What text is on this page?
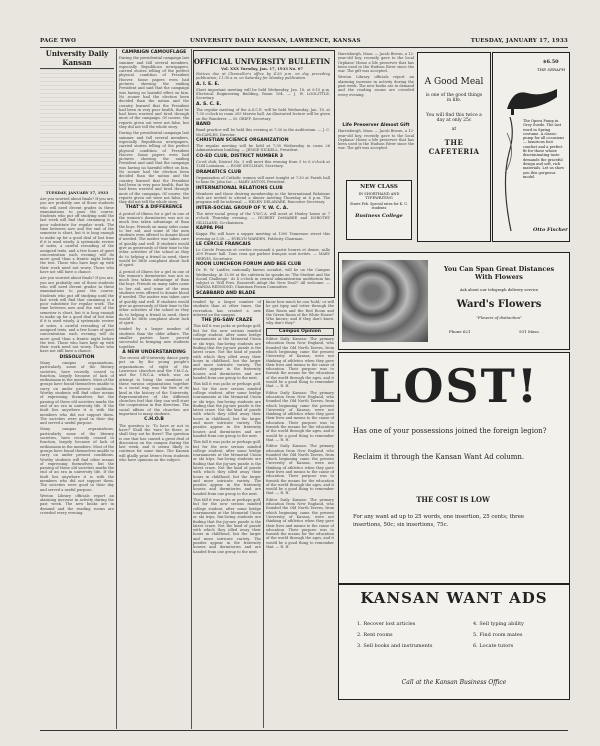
PAGE TWO	UNIVERSITY DAILY KANSAN, LAWRENCE, KANSAS	TUESDAY, JANUARY 17, 1933
University Daily Kansan
TUESDAY, JANUARY 17, 1933

Are you worried about finals? If you are, you are probably one of those students who will need decent grades in these examinations to pass the course. Students who put off studying until the last week will find that cramming is a poor substitute for regular work. The time between now and the end of the semester is short, but it is long enough to make up for a good deal of lost time if it is used wisely. A systematic review of notes, a careful rereading of the assigned texts, and a few hours of quiet concentration each evening will do more good than a frantic night before the test. Those who have kept up with their work need not worry. Those who have not still have a chance.

Are you worried about finals? If you are, you are probably one of those students who will need decent grades in these examinations to pass the course. Students who put off studying until the last week will find that cramming is a poor substitute for regular work. The time between now and the end of the semester is short, but it is long enough to make up for a good deal of lost time if it is used wisely. A systematic review of notes, a careful rereading of the assigned texts, and a few hours of quiet concentration each evening will do more good than a frantic night before the test. Those who have kept up with their work need not worry. Those who have not still have a chance.

DISSOLUTION

Many campus organizations, particularly some of the literary societies, have recently ceased to function, largely because of lack of enthusiasm in the members. Most of the groups have found themselves unable to carry on under present conditions. Worthy students will find other means of expressing themselves; but the passing of these old societies marks the end of an era in university life. If the fault lies anywhere it is with the members who did not support them. The societies were good in their day and served a useful purpose.

Many campus organizations, particularly some of the literary societies, have recently ceased to function, largely because of lack of enthusiasm in the members. Most of the groups have found themselves unable to carry on under present conditions. Worthy students will find other means of expressing themselves; but the passing of these old societies marks the end of an era in university life. If the fault lies anywhere it is with the members who did not support them. The societies were good in their day and served a useful purpose.

Weston Library officials report an alarming increase in activity during the past week. The new books are in demand and the reading rooms are crowded every evening.

CAMPAIGN CAMOUFLAGE

During the presidential campaign last summer and fall several members, especially Republican newspapers, carried stories telling of the perfect physical condition of President Hoover. Some papers even had pictures showing the smiling President and said that the campaign was having no harmful effect on him. No sooner had the election been decided than the nation and the country learned that the President had been in very poor health, that he had been worried and tired through most of the campaign. Of course, the reports given out were not false, but they did not tell the whole story.

During the presidential campaign last summer and fall several members, especially Republican newspapers, carried stories telling of the perfect physical condition of President Hoover. Some papers even had pictures showing the smiling President and said that the campaign was having no harmful effect on him. No sooner had the election been decided than the nation and the country learned that the President had been in very poor health, that he had been worried and tired through most of the campaign. Of course, the reports given out were not false, but they did not tell the whole story.

THAT'S A DIFFERENCE

A period of illness for a girl in one of the women's dormitories was not so much less taken advantage of than the boys. Friends on many sides came to her aid, and some of the men students even offered to donate blood if needed. The matter was taken care of quickly and well. If students would give as generously of their time to the other activities of the school as they do to helping a friend in need, there would be little complaint about lack of spirit.

A period of illness for a girl in one of the women's dormitories was not so much less taken advantage of than the boys. Friends on many sides came to her aid, and some of the men students even offered to donate blood if needed. The matter was taken care of quickly and well. If students would give as generously of their time to the other activities of the school as they do to helping a friend in need, there would be little complaint about lack of spirit.

tended by a larger number of students than the older affairs. The smaller parties have proved successful in bringing new students together.

A NEW UNDERSTANDING

The recent all-University dance party put on by the young people's organizations of eight of the Lawrence churches and the Y.M.C.A. and the Y.W.C.A. which was an attempt to bring the members of these various organizations together in a social way, was the first of its kind in the history of the University. Representatives of the different churches feel that they can well start the cooperation in this direction. The social affairs of the churches are important to many students.

C.H.O.B

The question is: 'To have or not to have?' Shall the 'ears' be there, or shall they not be there? The question is one that has caused a great deal of discussion on the campus during the last week, and it seems likely to continue for some time. The Kansan will gladly print letters from students who have opinions on the subject.

OFFICIAL UNIVERSITY BULLETIN
Vol. XXX Tuesday, Jan. 17, 1933 No. 67

Notices due at Chancellor's office by 4:30 p.m. on day preceding publication; 11:30 a.m. on Saturday for Monday publication.

A. I. E. E.

Short important meeting will be held Wednesday, Jan. 18, at 8:15 p.m. Electrical Engineering Building, Room 104. — J. W. LOOLITTLE, Secretary.

A. S. C. E.

The regular meeting of the A.S.C.E. will be held Wednesday, Jan. 18, at 7:30 o'clock in room 205 Marvin hall. An illustrated lecture will be given on the Wanderer. — M. GRIFF, Secretary.

BAND

Band practice will be held this evening at 7:30 in the auditorium. — J. C. McCANLES, Director.

CHRISTIAN SCIENCE ORGANIZATION

The regular meeting will be held at 7:30 Wednesday in room 26 Administration building. — JESSIE NICKELL, President.

CO-ED CLUB, DISTRICT NUMBER 3

Co-ed club, District No. 3 will meet this evening from 5 to 6 o'clock at 1244 Louisiana. — ROSE SHULMAN, Secretary.

DRAMATICS CLUB

Organization of Catholic women will meet tonight at 7:30 at Parish hall to hear Dr. John Ise. — MARY ANTON, President.

INTERNATIONAL RELATIONS CLUB

Members and those desiring membership in the International Relations club are invited to attend a dinner meeting Thursday at 6 p.m. The program will be informal. — HELEN DELAWARE, Executive Secretary.

INTER-SOCIAL GROUP OF Y. W. C. A.

The inter-social group of the Y.W.C.A. will meet at Henley house at 7 o'clock Thursday evening. — HUBERT DeMAREE and DOROTHY GILLILAND, Co-chairmen.

KAPPA PHI

Kappa Phi will have a supper meeting at 1300 Tennessee street this evening at 5:30. — EVELYN WARDEN, Publicity Chairman.

LE CERCLE FRANCAIS

Le Cercle Francais et cercles reconnaît à partir heures et demie, salle 309 Fraser hall. Tous ceux qui parlent français sont invités. — MARY HERVIS, Secretaire.

NOON LUNCHEON FORUM AND BEE CLUB

Dr. H. W. Laidler, nationally known socialist, will be on the Campus Wednesday. At 12:00 at the cafeteria he speaks on 'The Student and the Social Challenge.' At 4 o'clock in central administration auditorium his subject is 'Will Pres. Roosevelt Adopt the New Deal?' All welcome. — WANDA REDMOND, Chairman Forum Committee.

SCABBARD AND BLADE

tended by a larger number of students than at other times, the recreation has created a new interest on the campus.

THE JIG-SAW CRAZE

This fall it was jacks or perhaps golf, but for the new serious minded college student, after some bridge tournaments at the Memorial Union or ski trips, fun-loving students are finding that the jig-saw puzzle is the latest craze. Not the kind of puzzle with which they idled away their hours in childhood, but the larger and more intricate variety. The puzzles appear in the fraternity houses and dormitories and are handed from one group to the next.

This fall it was jacks or perhaps golf, but for the new serious minded college student, after some bridge tournaments at the Memorial Union or ski trips, fun-loving students are finding that the jig-saw puzzle is the latest craze. Not the kind of puzzle with which they idled away their hours in childhood, but the larger and more intricate variety. The puzzles appear in the fraternity houses and dormitories and are handed from one group to the next.

This fall it was jacks or perhaps golf, but for the new serious minded college student, after some bridge tournaments at the Memorial Union or ski trips, fun-loving students are finding that the jig-saw puzzle is the latest craze. Not the kind of puzzle with which they idled away their hours in childhood, but the larger and more intricate variety. The puzzles appear in the fraternity houses and dormitories and are handed from one group to the next.

This fall it was jacks or perhaps golf, but for the new serious minded college student, after some bridge tournaments at the Memorial Union or ski trips, fun-loving students are finding that the jig-saw puzzle is the latest craze. Not the kind of puzzle with which they idled away their hours in childhood, but the larger and more intricate variety. The puzzles appear in the fraternity houses and dormitories and are handed from one group to the next.

know how much he can 'hold,' or will he get tipsy and totter through the Blue Room and the Red Room and the Green Room of the White House? Who knows; and if they don't know, why don't they?

Campus Opinion

Editor Daily Kansan: The primary education from New England, who founded the Old North Tavern, from which beginning came the present University of Kansas, were not thinking of athletics when they gave their lives and means to the cause of education. Their purpose was to furnish the means for the education of the world through the ages, and it would be a good thing to remember that. — R. H.

Editor Daily Kansan: The primary education from New England, who founded the Old North Tavern, from which beginning came the present University of Kansas, were not thinking of athletics when they gave their lives and means to the cause of education. Their purpose was to furnish the means for the education of the world through the ages, and it would be a good thing to remember that. — R. H.

Editor Daily Kansan: The primary education from New England, who founded the Old North Tavern, from which beginning came the present University of Kansas, were not thinking of athletics when they gave their lives and means to the cause of education. Their purpose was to furnish the means for the education of the world through the ages, and it would be a good thing to remember that. — R. H.

Editor Daily Kansan: The primary education from New England, who founded the Old North Tavern, from which beginning came the present University of Kansas, were not thinking of athletics when they gave their lives and means to the cause of education. Their purpose was to furnish the means for the education of the world through the ages, and it would be a good thing to remember that. — R. H.

A Good Meal
is one of the good things in life.
You will find this twice a day at only 25c
at
THE CAFETERIA
Life Preserver Almost Gift

Harrisburgh, Mass. — Jacob Brown, a 12-year-old boy, recently gave to the local Orphans' Home a life preserver that has been used in the Hudson River since the war. The gift was accepted.

Harrisburgh, Mass. — Jacob Brown, a 12-year-old boy, recently gave to the local Orphans' Home a life preserver that has been used in the Hudson River since the war. The gift was accepted.

Weston Library officials report an alarming increase in activity during the past week. The new books are in demand and the reading rooms are crowded every evening.

NEW CLASS
IN SHORTHAND AND TYPEWRITING
Starts Feb. Special rates for K. U. students
Business College
$6.50
THE SERAPH
The Opera Pump in Grey Suede. The last word in Spring costume. A classic pump for all occasions — luxurious foot comfort and a perfect fit for those whose discriminating taste demands the graceful design and soft, rich materials. Let us show you this gorgeous model.
Otto Fischer
You Can Span Great Distances With Flowers
Ask about our telegraph delivery service
Ward's Flowers
"Flowers of distinction"
Phone 621	931 Mass.
LOST!
Has one of your possessions joined the foreign legion?
Reclaim it through the Kansan Want Ad column.
THE COST IS LOW
For any want ad up to 25 words, one insertion, 25 cents; three insertions, 50c; six insertions, 75c.
KANSAN WANT ADS
1. Recover lost articles
2. Rent rooms
3. Sell books and instruments
4. Sell typing ability
5. Find room mates
6. Locate tutors
Call at the Kansan Business Office
